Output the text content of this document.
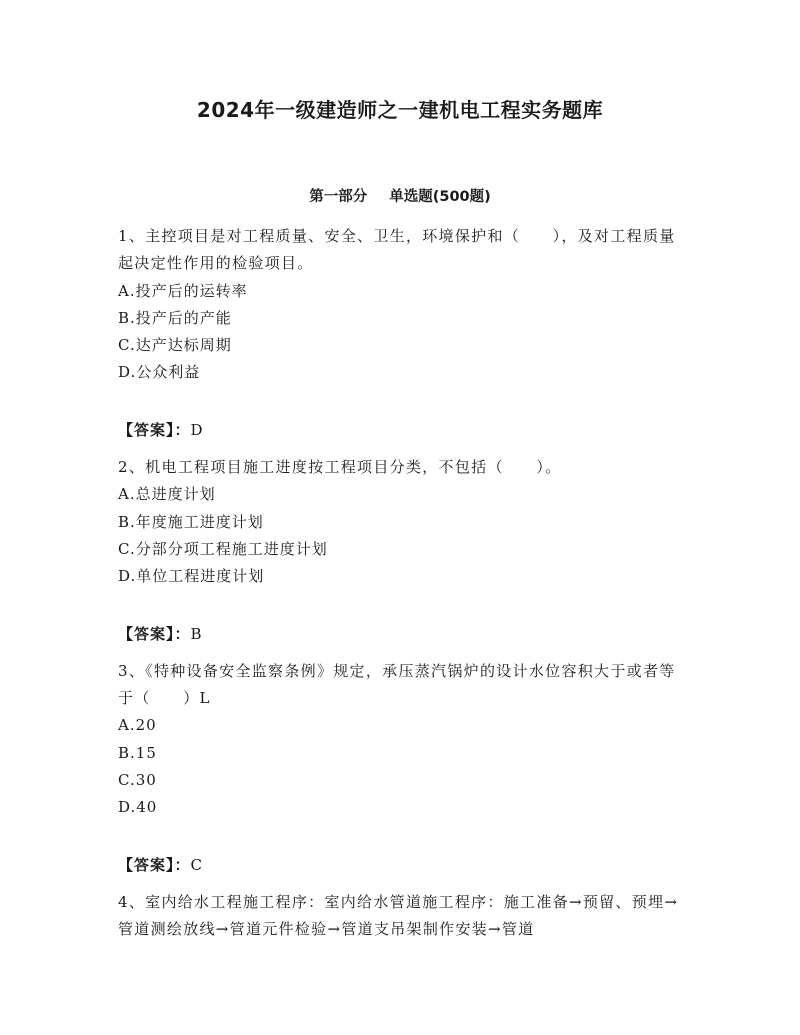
2024年一级建造师之一建机电工程实务题库
第一部分 单选题(500题)

1、主控项目是对工程质量、安全、卫生，环境保护和（　　），及对工程质量起决定性作用的检验项目。

A.投产后的运转率
B.投产后的产能
C.达产达标周期
D.公众利益

【答案】：D

2、机电工程项目施工进度按工程项目分类，不包括（　　）。

A.总进度计划
B.年度施工进度计划
C.分部分项工程施工进度计划
D.单位工程进度计划

【答案】：B

3、《特种设备安全监察条例》规定，承压蒸汽锅炉的设计水位容积大于或者等于（　　）L

A.20
B.15
C.30
D.40

【答案】：C

4、室内给水工程施工程序：室内给水管道施工程序：施工准备→预留、预埋→管道测绘放线→管道元件检验→管道支吊架制作安装→管道
